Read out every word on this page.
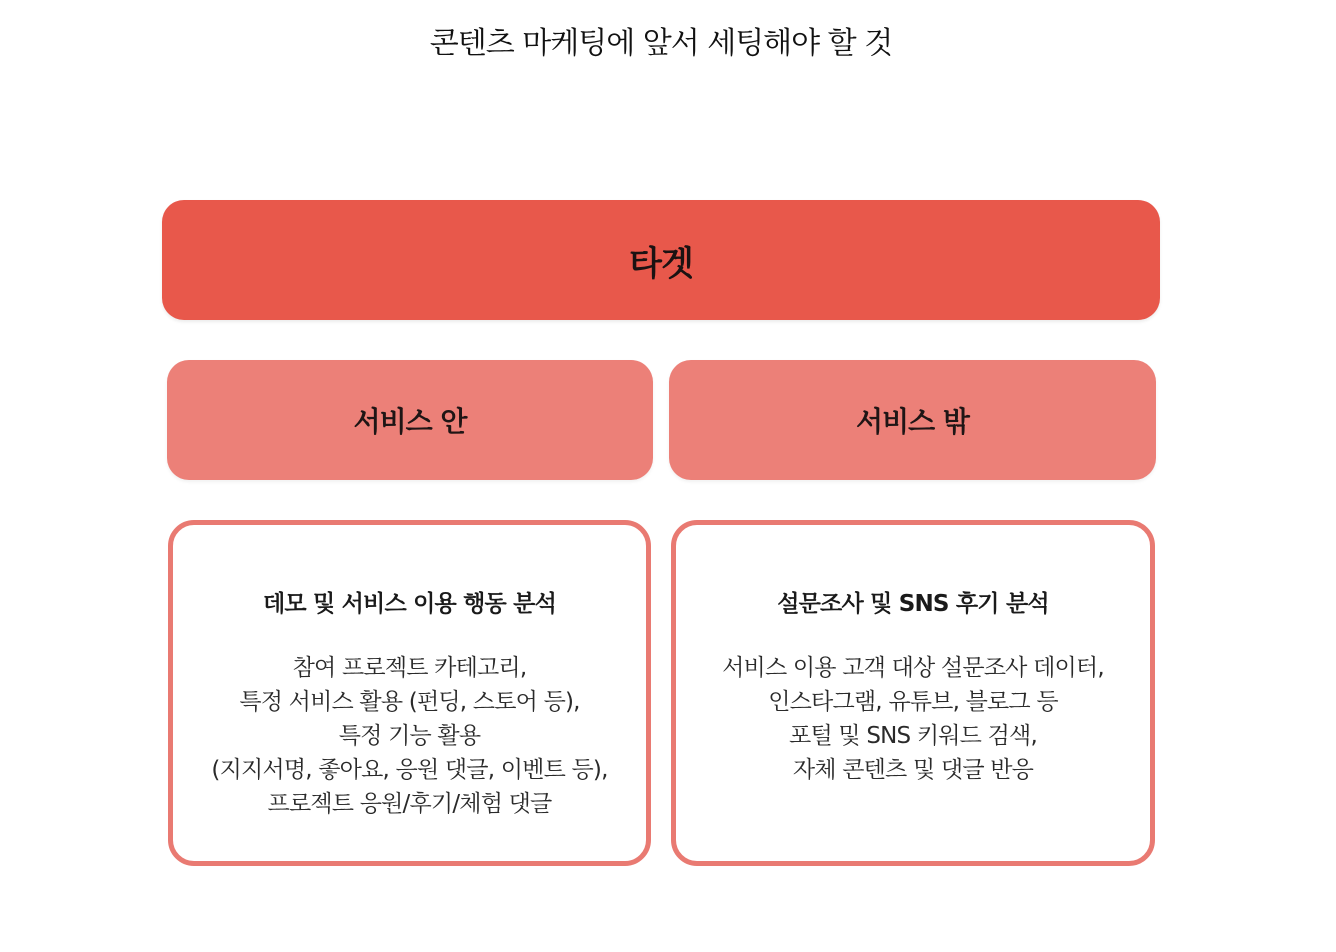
콘텐츠 마케팅에 앞서 세팅해야 할 것
타겟
서비스 안	서비스 밖
데모 및 서비스 이용 행동 분석
참여 프로젝트 카테고리,
특정 서비스 활용 (펀딩, 스토어 등),
특정 기능 활용
(지지서명, 좋아요, 응원 댓글, 이벤트 등),
프로젝트 응원/후기/체험 댓글
설문조사 및 SNS 후기 분석
서비스 이용 고객 대상 설문조사 데이터,
인스타그램, 유튜브, 블로그 등
포털 및 SNS 키워드 검색,
자체 콘텐츠 및 댓글 반응
